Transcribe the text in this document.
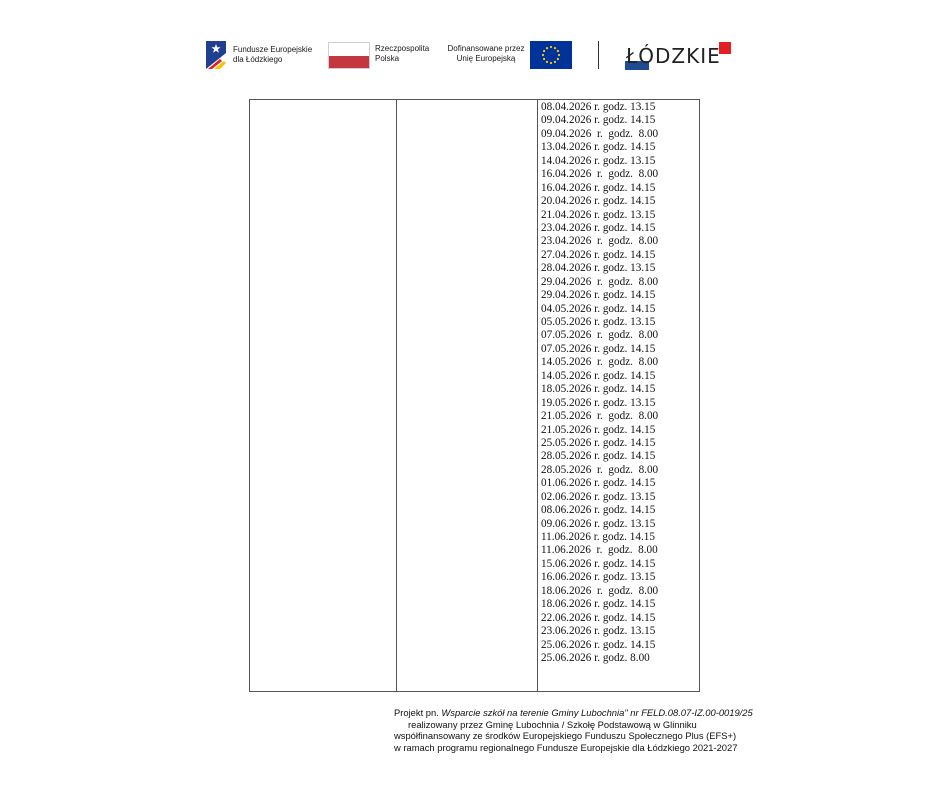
Fundusze Europejskie
dla Łódzkiego
Rzeczpospolita
Polska
Dofinansowane przez
Unię Europejską	ŁÓDZKIE
08.04.2026 r. godz. 13.15
09.04.2026 r. godz. 14.15
09.04.2026  r.  godz.  8.00
13.04.2026 r. godz. 14.15
14.04.2026 r. godz. 13.15
16.04.2026  r.  godz.  8.00
16.04.2026 r. godz. 14.15
20.04.2026 r. godz. 14.15
21.04.2026 r. godz. 13.15
23.04.2026 r. godz. 14.15
23.04.2026  r.  godz.  8.00
27.04.2026 r. godz. 14.15
28.04.2026 r. godz. 13.15
29.04.2026  r.  godz.  8.00
29.04.2026 r. godz. 14.15
04.05.2026 r. godz. 14.15
05.05.2026 r. godz. 13.15
07.05.2026  r.  godz.  8.00
07.05.2026 r. godz. 14.15
14.05.2026  r.  godz.  8.00
14.05.2026 r. godz. 14.15
18.05.2026 r. godz. 14.15
19.05.2026 r. godz. 13.15
21.05.2026  r.  godz.  8.00
21.05.2026 r. godz. 14.15
25.05.2026 r. godz. 14.15
28.05.2026 r. godz. 14.15
28.05.2026  r.  godz.  8.00
01.06.2026 r. godz. 14.15
02.06.2026 r. godz. 13.15
08.06.2026 r. godz. 14.15
09.06.2026 r. godz. 13.15
11.06.2026 r. godz. 14.15
11.06.2026  r.  godz.  8.00
15.06.2026 r. godz. 14.15
16.06.2026 r. godz. 13.15
18.06.2026  r.  godz.  8.00
18.06.2026 r. godz. 14.15
22.06.2026 r. godz. 14.15
23.06.2026 r. godz. 13.15
25.06.2026 r. godz. 14.15
25.06.2026 r. godz. 8.00
Projekt pn. Wsparcie szkół na terenie Gminy Lubochnia" nr FELD.08.07-IZ.00-0019/25
realizowany przez Gminę Lubochnia / Szkołę Podstawową w Glinniku
współfinansowany ze środków Europejskiego Funduszu Społecznego Plus (EFS+)
w ramach programu regionalnego Fundusze Europejskie dla Łódzkiego 2021-2027
